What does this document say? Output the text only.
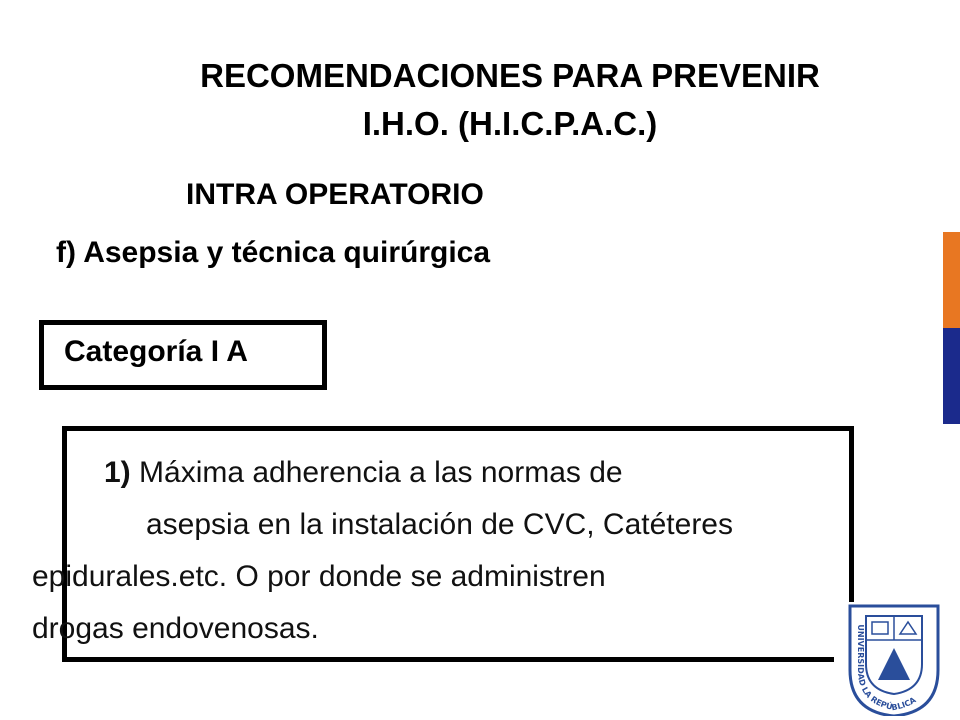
RECOMENDACIONES PARA PREVENIR
I.H.O. (H.I.C.P.A.C.)
INTRA OPERATORIO
f) Asepsia y técnica quirúrgica
Categoría I A
1) Máxima adherencia a las normas de
asepsia en la instalación de CVC, Catéteres
epidurales.etc. O por donde se administren
drogas endovenosas.	UNIVERSIDAD LA REPÚBLICA
